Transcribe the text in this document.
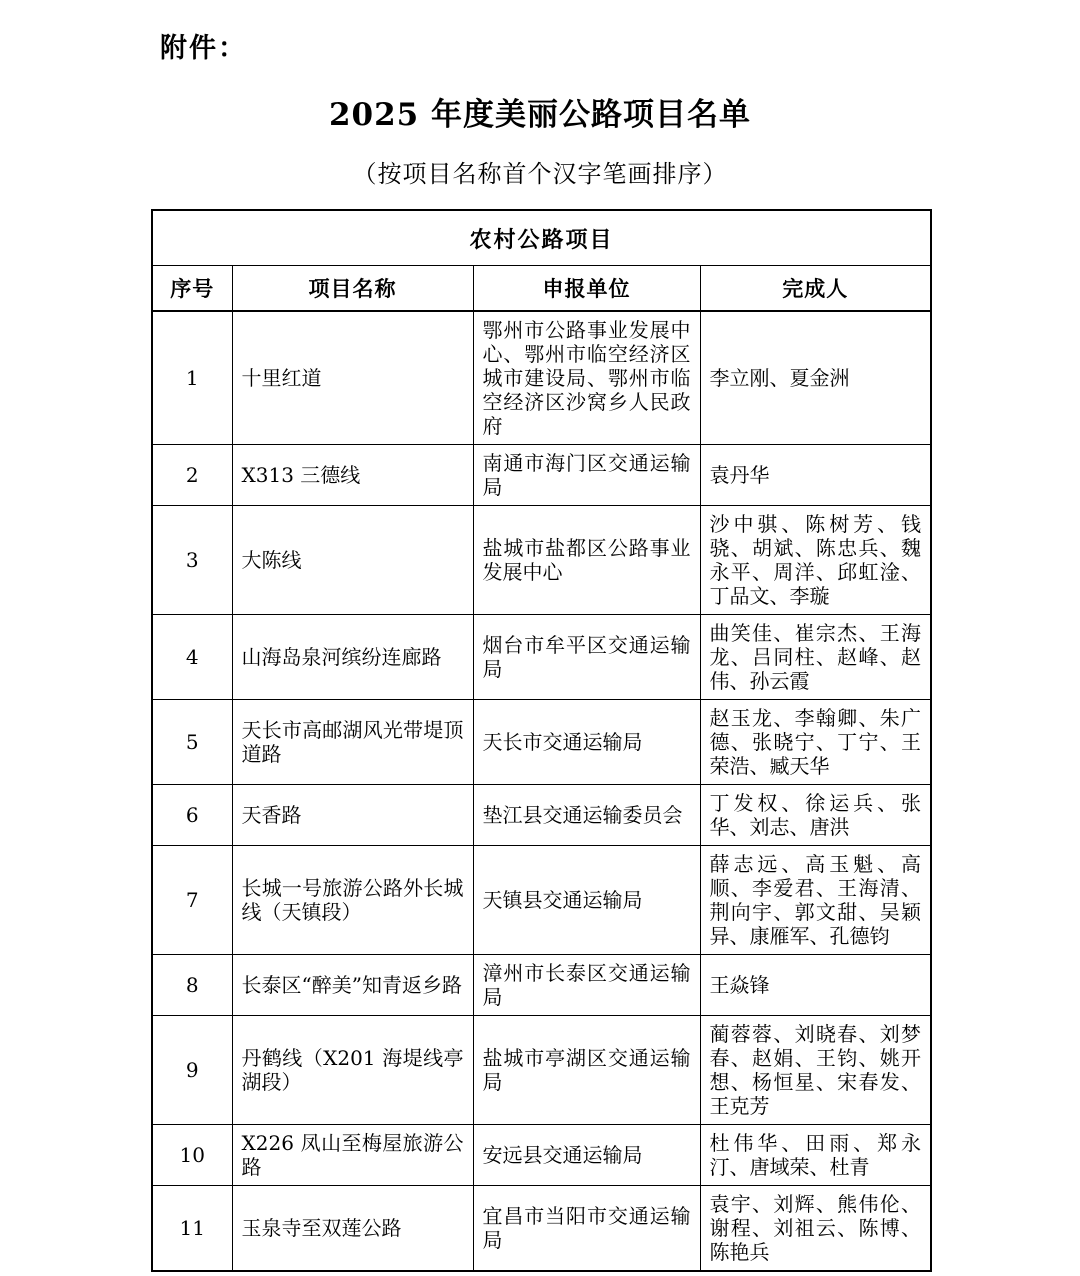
附件：
2025 年度美丽公路项目名单
（按项目名称首个汉字笔画排序）
农村公路项目			
序号	项目名称	申报单位	完成人
1	十里红道	鄂州市公路事业发展中心、鄂州市临空经济区城市建设局、鄂州市临空经济区沙窝乡人民政府	李立刚、夏金洲
2	X313 三德线	南通市海门区交通运输局	袁丹华
3	大陈线	盐城市盐都区公路事业发展中心	沙中骐、陈树芳、钱骁、胡斌、陈忠兵、魏永平、周洋、邱虹淦、丁品文、李璇
4	山海岛泉河缤纷连廊路	烟台市牟平区交通运输局	曲笑佳、崔宗杰、王海龙、吕同柱、赵峰、赵伟、孙云霞
5	天长市高邮湖风光带堤顶道路	天长市交通运输局	赵玉龙、李翰卿、朱广德、张晓宁、丁宁、王荣浩、臧天华
6	天香路	垫江县交通运输委员会	丁发权、徐运兵、张华、刘志、唐洪
7	长城一号旅游公路外长城线（天镇段）	天镇县交通运输局	薛志远、高玉魁、高顺、李爱君、王海清、荆向宇、郭文甜、吴颖异、康雁军、孔德钧
8	长泰区“醉美”知青返乡路	漳州市长泰区交通运输局	王焱锋
9	丹鹤线（X201 海堤线亭湖段）	盐城市亭湖区交通运输局	蔺蓉蓉、刘晓春、刘梦春、赵娟、王钧、姚开想、杨恒星、宋春发、王克芳
10	X226 凤山至梅屋旅游公路	安远县交通运输局	杜伟华、田雨、郑永汀、唐域荣、杜青
11	玉泉寺至双莲公路	宜昌市当阳市交通运输局	袁宇、刘辉、熊伟伦、谢程、刘祖云、陈博、陈艳兵
